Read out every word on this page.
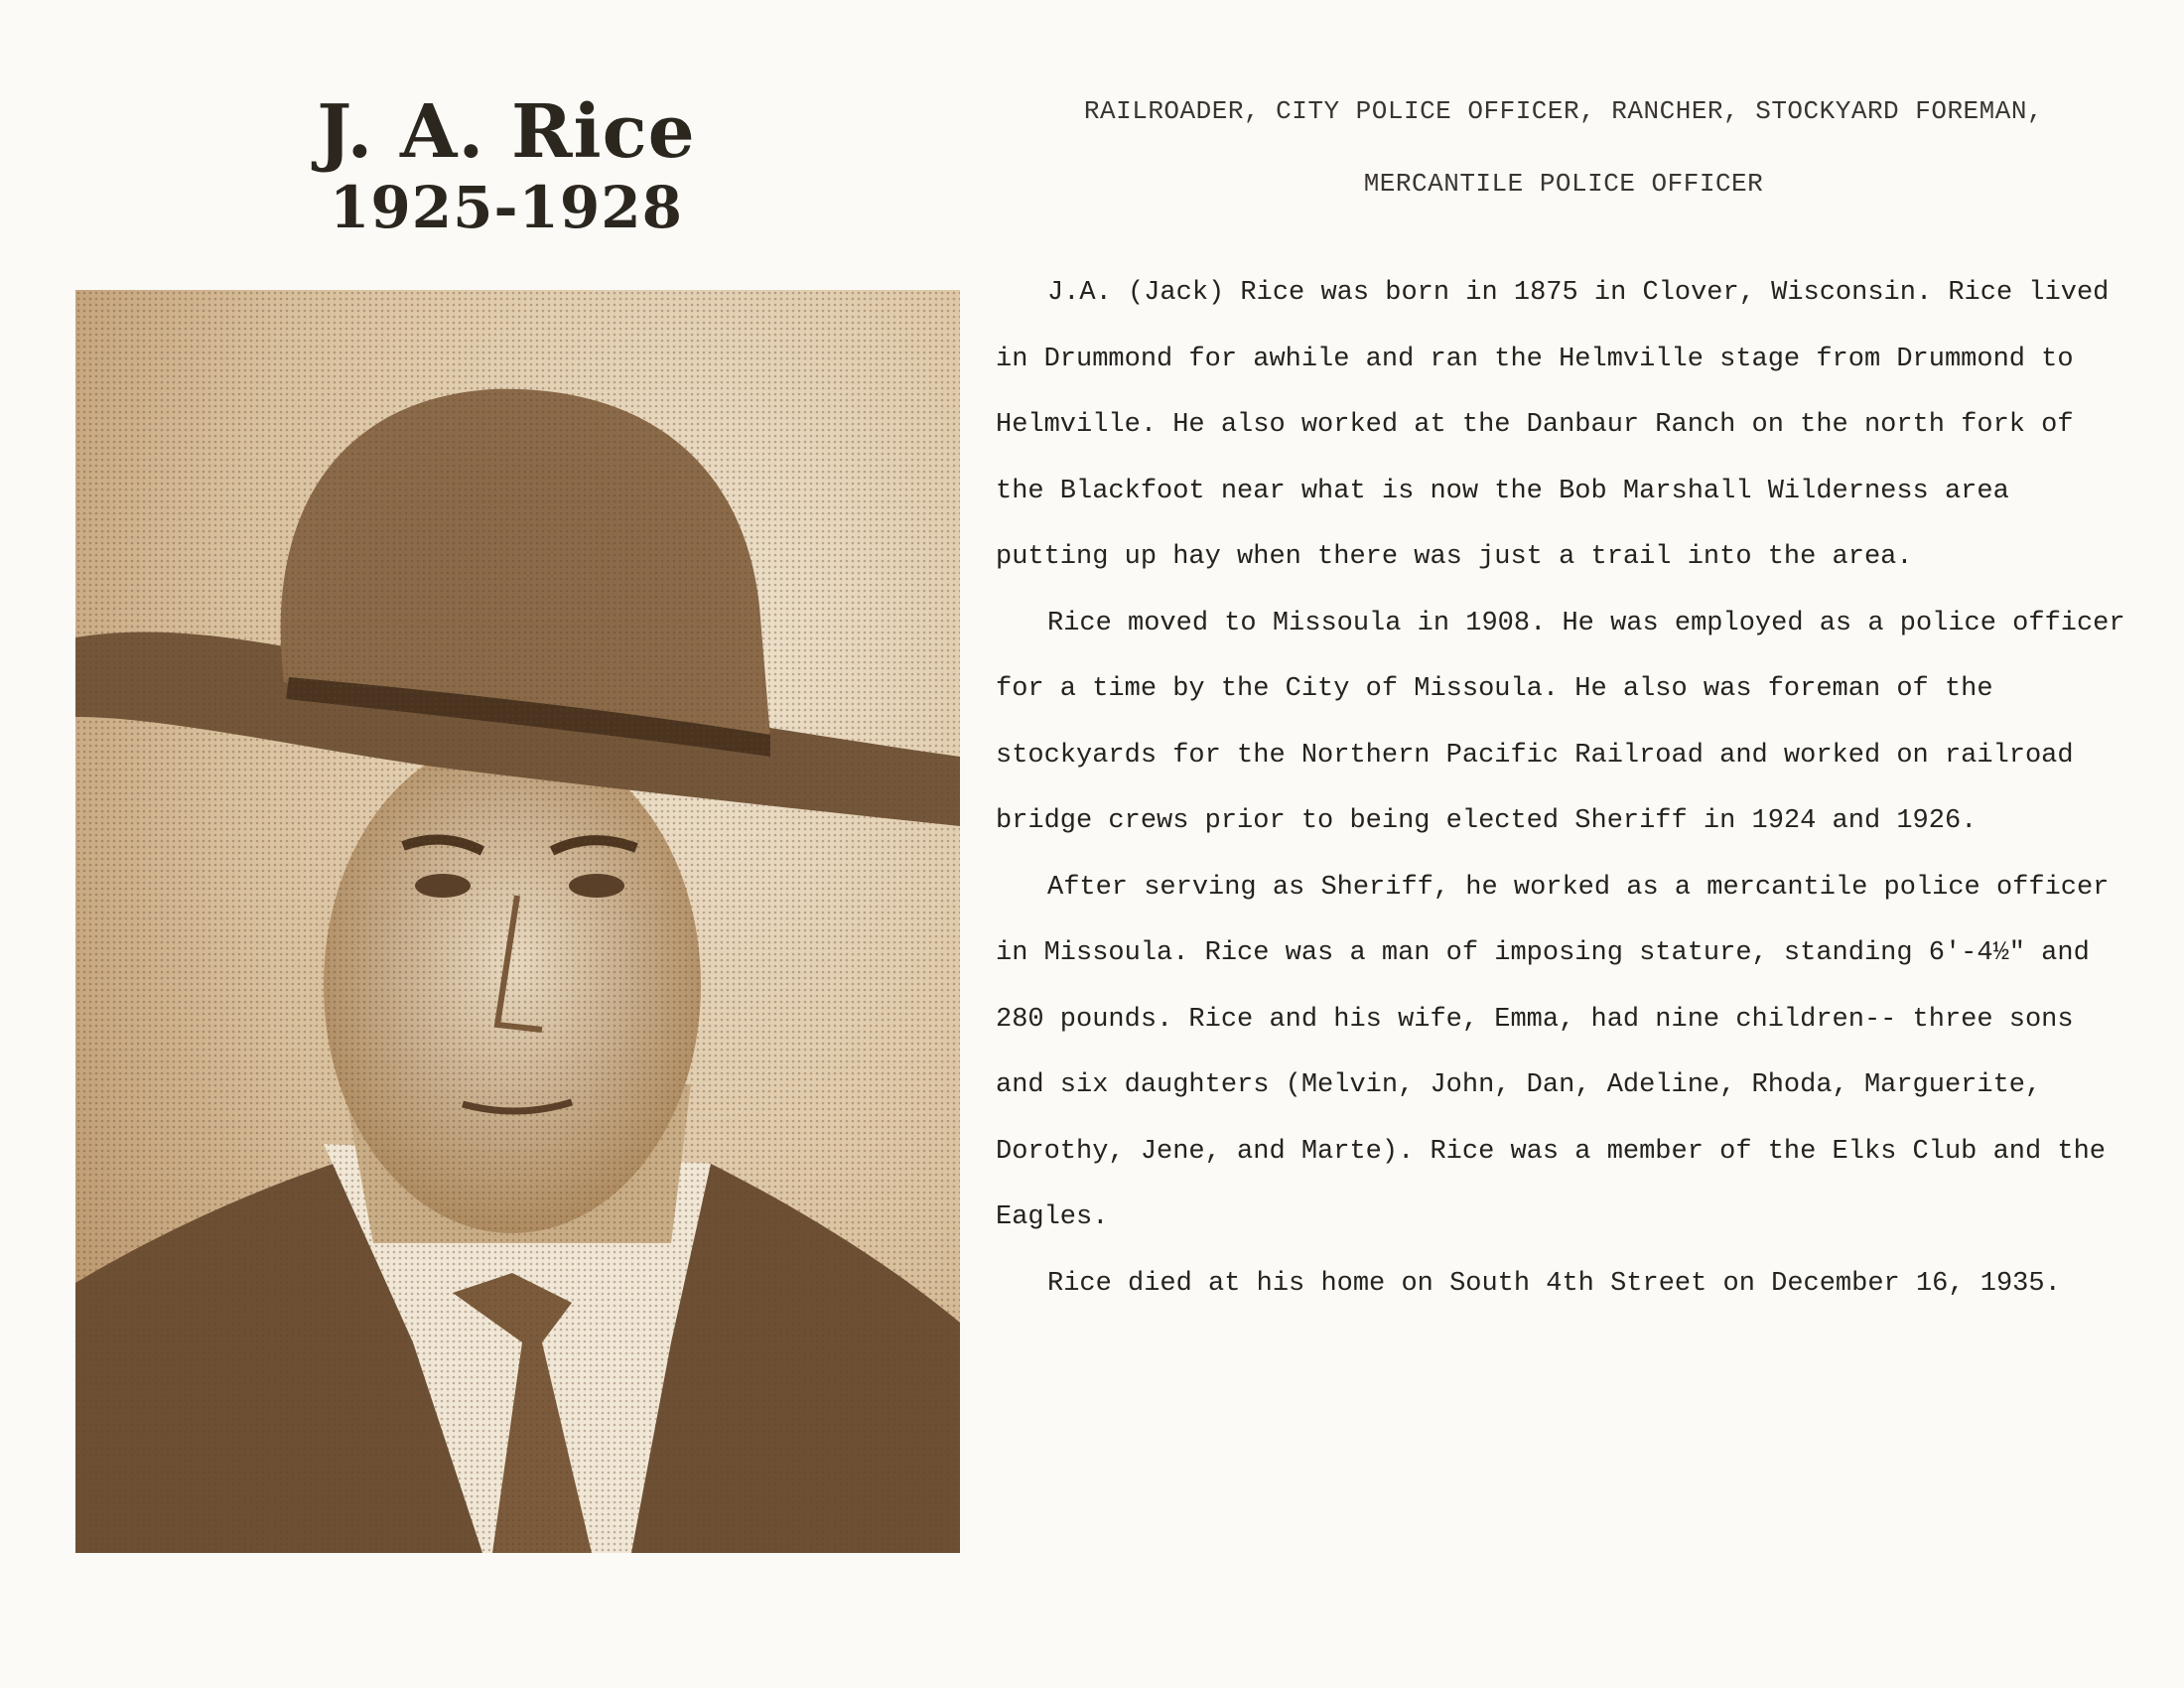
J. A. Rice
1925-1928
RAILROADER, CITY POLICE OFFICER, RANCHER, STOCKYARD FOREMAN,
MERCANTILE POLICE OFFICER

J.A. (Jack) Rice was born in 1875 in Clover, Wisconsin. Rice lived in Drummond for awhile and ran the Helmville stage from Drummond to Helmville. He also worked at the Danbaur Ranch on the north fork of the Blackfoot near what is now the Bob Marshall Wilderness area putting up hay when there was just a trail into the area.

Rice moved to Missoula in 1908. He was employed as a police officer for a time by the City of Missoula. He also was foreman of the stockyards for the Northern Pacific Railroad and worked on railroad bridge crews prior to being elected Sheriff in 1924 and 1926.

After serving as Sheriff, he worked as a mercantile police officer in Missoula. Rice was a man of imposing stature, standing 6'-4½" and 280 pounds. Rice and his wife, Emma, had nine children-- three sons and six daughters (Melvin, John, Dan, Adeline, Rhoda, Marguerite, Dorothy, Jene, and Marte). Rice was a member of the Elks Club and the Eagles.

Rice died at his home on South 4th Street on December 16, 1935.
